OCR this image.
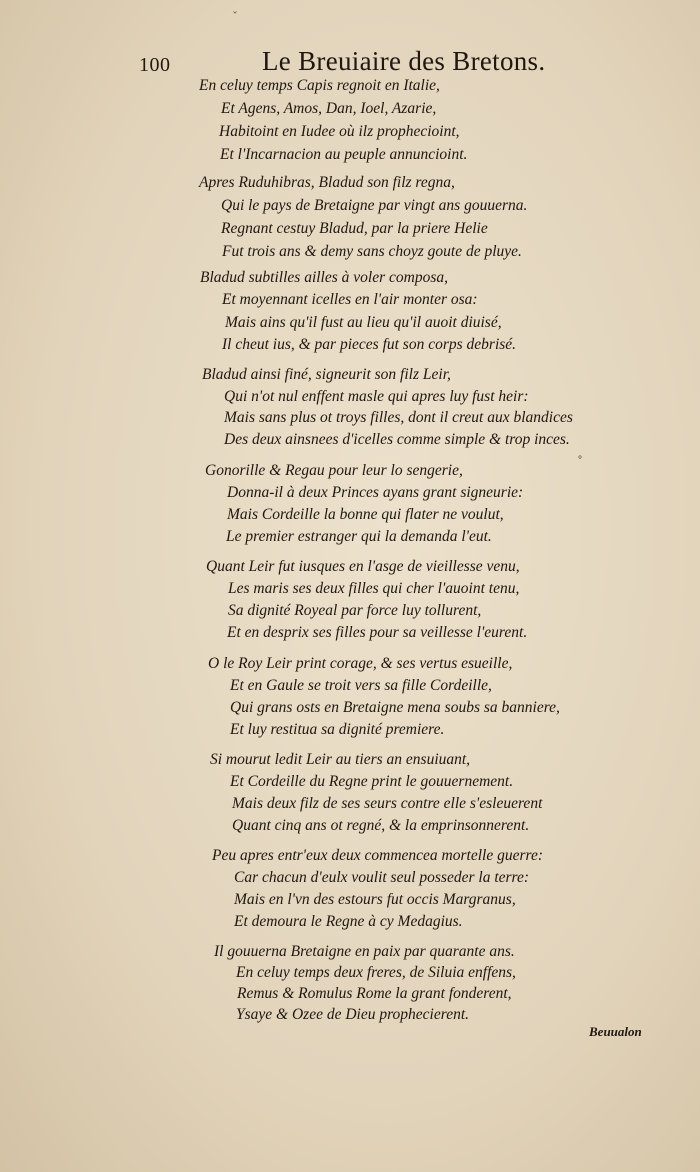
100	Le Breuiaire des Bretons.
ˇ
˚
En celuy temps Capis regnoit en Italie,
Et Agens, Amos, Dan, Ioel, Azarie,
Habitoint en Iudee où ilz prophecioint,
Et l'Incarnacion au peuple annuncioint.
Apres Ruduhibras, Bladud son filz regna,
Qui le pays de Bretaigne par vingt ans gouuerna.
Regnant cestuy Bladud, par la priere Helie
Fut trois ans & demy sans choyz goute de pluye.
Bladud subtilles ailles à voler composa,
Et moyennant icelles en l'air monter osa:
Mais ains qu'il fust au lieu qu'il auoit diuisé,
Il cheut ius, & par pieces fut son corps debrisé.
Bladud ainsi finé, signeurit son filz Leir,
Qui n'ot nul enffent masle qui apres luy fust heir:
Mais sans plus ot troys filles, dont il creut aux blandices
Des deux ainsnees d'icelles comme simple & trop inces.
Gonorille & Regau pour leur lo sengerie,
Donna-il à deux Princes ayans grant signeurie:
Mais Cordeille la bonne qui flater ne voulut,
Le premier estranger qui la demanda l'eut.
Quant Leir fut iusques en l'asge de vieillesse venu,
Les maris ses deux filles qui cher l'auoint tenu,
Sa dignité Royeal par force luy tollurent,
Et en desprix ses filles pour sa veillesse l'eurent.
O le Roy Leir print corage, & ses vertus esueille,
Et en Gaule se troit vers sa fille Cordeille,
Qui grans osts en Bretaigne mena soubs sa banniere,
Et luy restitua sa dignité premiere.
Si mourut ledit Leir au tiers an ensuiuant,
Et Cordeille du Regne print le gouuernement.
Mais deux filz de ses seurs contre elle s'esleuerent
Quant cinq ans ot regné, & la emprinsonnerent.
Peu apres entr'eux deux commencea mortelle guerre:
Car chacun d'eulx voulit seul posseder la terre:
Mais en l'vn des estours fut occis Margranus,
Et demoura le Regne à cy Medagius.
Il gouuerna Bretaigne en paix par quarante ans.
En celuy temps deux freres, de Siluia enffens,
Remus & Romulus Rome la grant fonderent,
Ysaye & Ozee de Dieu prophecierent.
Beuualon
